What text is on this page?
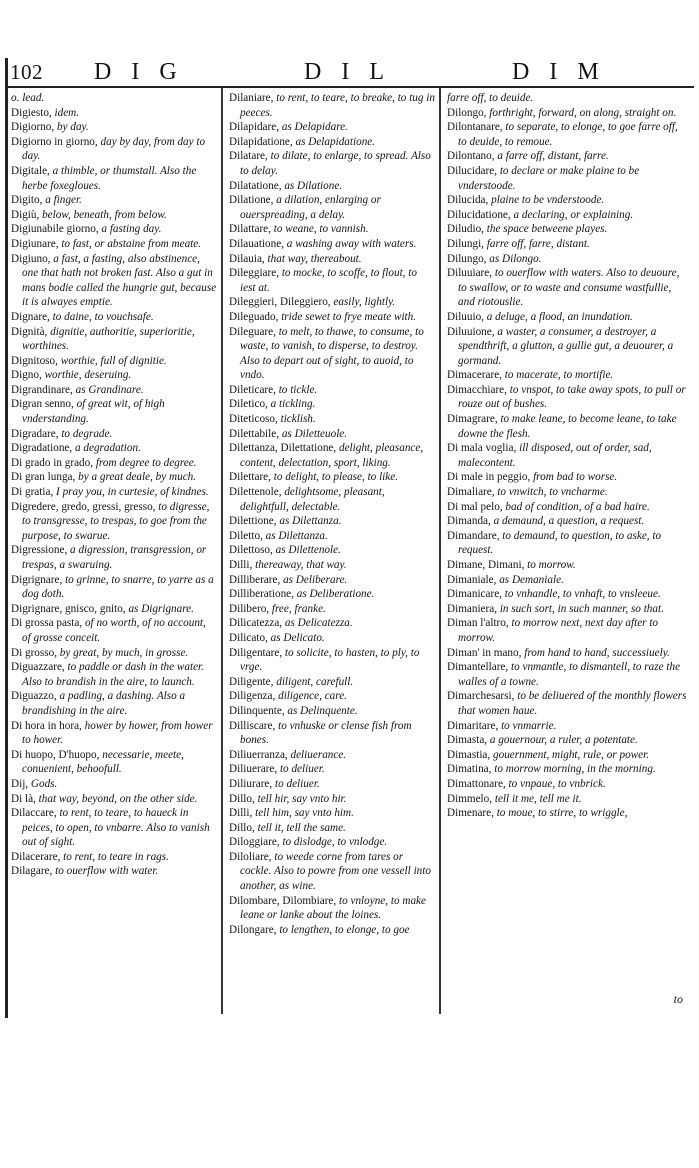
102 DIG	DIL	DIM

o. lead.

Digiesto, idem.

Digiorno, by day.

Digiorno in giorno, day by day, from day to day.

Digitale, a thimble, or thumstall. Also the herbe foxegloues.

Digito, a finger.

Digiù, below, beneath, from below.

Digiunabile giorno, a fasting day.

Digiunare, to fast, or abstaine from meate.

Digiuno, a fast, a fasting, also abstinence, one that hath not broken fast. Also a gut in mans bodie called the hungrie gut, because it is alwayes emptie.

Dignare, to daine, to vouchsafe.

Dignità, dignitie, authoritie, superioritie, worthines.

Dignitoso, worthie, full of dignitie.

Digno, worthie, deseruing.

Digrandinare, as Grandinare.

Digran senno, of great wit, of high vnderstanding.

Digradare, to degrade.

Digradatione, a degradation.

Di grado in grado, from degree to degree.

Di gran lunga, by a great deale, by much.

Di gratia, I pray you, in curtesie, of kindnes.

Digredere, gredo, gressi, gresso, to digresse, to transgresse, to trespas, to goe from the purpose, to swarue.

Digressione, a digression, transgression, or trespas, a swaruing.

Digrignare, to grinne, to snarre, to yarre as a dog doth.

Digrignare, gnisco, gnito, as Digrignare.

Di grossa pasta, of no worth, of no account, of grosse conceit.

Di grosso, by great, by much, in grosse.

Diguazzare, to paddle or dash in the water. Also to brandish in the aire, to launch.

Diguazzo, a padling, a dashing. Also a brandishing in the aire.

Di hora in hora, hower by hower, from hower to hower.

Di huopo, D'huopo, necessarie, meete, conuenient, behoofull.

Dij, Gods.

Di là, that way, beyond, on the other side.

Dilaccare, to rent, to teare, to haueck in peices, to open, to vnbarre. Also to vanish out of sight.

Dilacerare, to rent, to teare in rags.

Dilagare, to ouerflow with water.

Dilaniare, to rent, to teare, to breake, to tug in peeces.

Dilapidare, as Delapidare.

Dilapidatione, as Delapidatione.

Dilatare, to dilate, to enlarge, to spread. Also to delay.

Dilatatione, as Dilatione.

Dilatione, a dilation, enlarging or ouerspreading, a delay.

Dilattare, to weane, to vannish.

Dilauatione, a washing away with waters.

Dilauia, that way, thereabout.

Dileggiare, to mocke, to scoffe, to flout, to iest at.

Dileggieri, Dileggiero, easily, lightly.

Dileguado, tride sewet to frye meate with.

Dileguare, to melt, to thawe, to consume, to waste, to vanish, to disperse, to destroy. Also to depart out of sight, to auoid, to vndo.

Dileticare, to tickle.

Diletico, a tickling.

Diteticoso, ticklish.

Dilettabile, as Diletteuole.

Dilettanza, Dilettatione, delight, pleasance, content, delectation, sport, liking.

Dilettare, to delight, to please, to like.

Dilettenole, delightsome, pleasant, delightfull, delectable.

Dilettione, as Dilettanza.

Diletto, as Dilettanza.

Dilettoso, as Dilettenole.

Dilli, thereaway, that way.

Dilliberare, as Deliberare.

Dilliberatione, as Deliberatione.

Dilibero, free, franke.

Dilicatezza, as Delicatezza.

Dilicato, as Delicato.

Diligentare, to solicite, to hasten, to ply, to vrge.

Diligente, diligent, carefull.

Diligenza, diligence, care.

Dilinquente, as Delinquente.

Dilliscare, to vnhuske or clense fish from bones.

Diliuerranza, deliuerance.

Diliuerare, to deliuer.

Diliurare, to deliuer.

Dillo, tell hir, say vnto hir.

Dilli, tell him, say vnto him.

Dillo, tell it, tell the same.

Diloggiare, to dislodge, to vnlodge.

Diloliare, to weede corne from tares or cockle. Also to powre from one vessell into another, as wine.

Dilombare, Dilombiare, to vnloyne, to make leane or lanke about the loines.

Dilongare, to lengthen, to elonge, to goe

farre off, to deuide.

Dilongo, forthright, forward, on along, straight on.

Dilontanare, to separate, to elonge, to goe farre off, to deuide, to remoue.

Dilontano, a farre off, distant, farre.

Dilucidare, to declare or make plaine to be vnderstoode.

Dilucida, plaine to be vnderstoode.

Dilucidatione, a declaring, or explaining.

Diludio, the space betweene playes.

Dilungi, farre off, farre, distant.

Dilungo, as Dilongo.

Diluuiare, to ouerflow with waters. Also to deuoure, to swallow, or to waste and consume wastfullie, and riotouslie.

Diluuio, a deluge, a flood, an inundation.

Diluuione, a waster, a consumer, a destroyer, a spendthrift, a glutton, a gullie gut, a deuourer, a gormand.

Dimacerare, to macerate, to mortifie.

Dimacchiare, to vnspot, to take away spots, to pull or rouze out of bushes.

Dimagrare, to make leane, to become leane, to take downe the flesh.

Di mala voglia, ill disposed, out of order, sad, malecontent.

Di male in peggio, from bad to worse.

Dimaliare, to vnwitch, to vncharme.

Di mal pelo, bad of condition, of a bad haire.

Dimanda, a demaund, a question, a request.

Dimandare, to demaund, to question, to aske, to request.

Dimane, Dimani, to morrow.

Dimaniale, as Demaniale.

Dimanicare, to vnhandle, to vnhaft, to vnsleeue.

Dimaniera, in such sort, in such manner, so that.

Diman l'altro, to morrow next, next day after to morrow.

Diman' in mano, from hand to hand, successiuely.

Dimantellare, to vnmantle, to dismantell, to raze the walles of a towne.

Dimarchesarsi, to be deliuered of the monthly flowers that women haue.

Dimaritare, to vnmarrie.

Dimasta, a gouernour, a ruler, a potentate.

Dimastia, gouernment, might, rule, or power.

Dimatina, to morrow morning, in the morning.

Dimattonare, to vnpaue, to vnbrick.

Dimmelo, tell it me, tell me it.

Dimenare, to moue, to stirre, to wriggle,

to
